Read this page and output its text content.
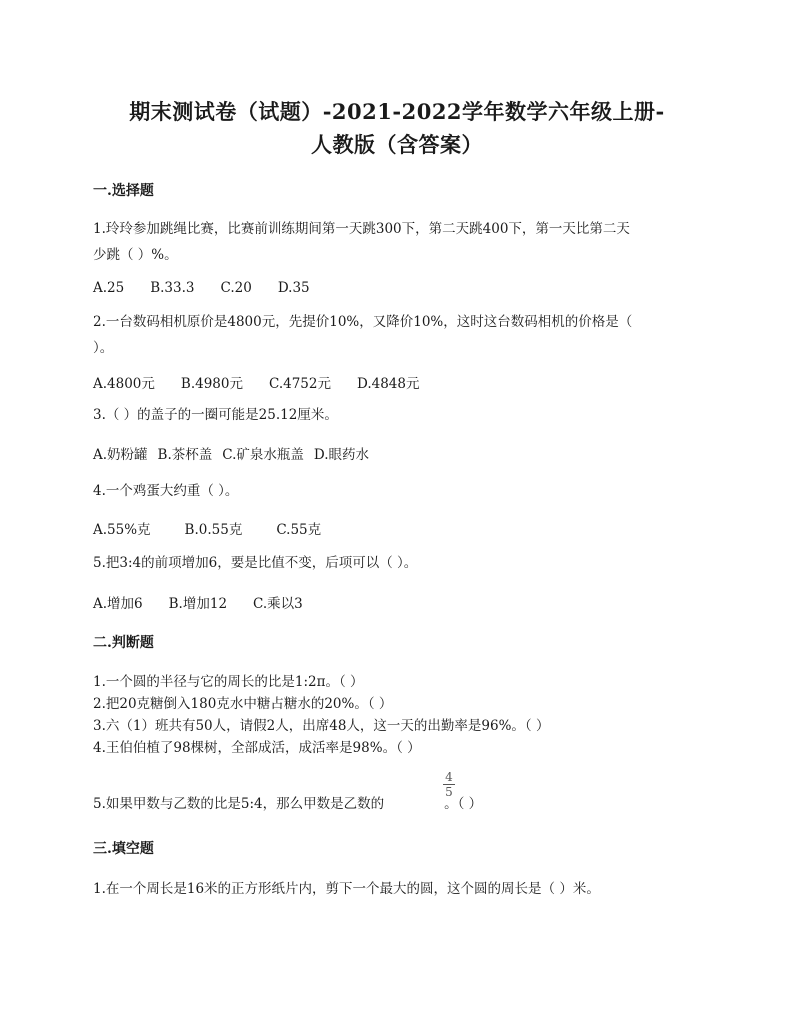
期末测试卷（试题）-2021-2022学年数学六年级上册-
人教版（含答案）
一.选择题
1.玲玲参加跳绳比赛，比赛前训练期间第一天跳300下，第二天跳400下，第一天比第二天
少跳（ ）%。
A.25 B.33.3 C.20 D.35
2.一台数码相机原价是4800元，先提价10%，又降价10%，这时这台数码相机的价格是（
）。
A.4800元 B.4980元 C.4752元 D.4848元
3.（ ）的盖子的一圈可能是25.12厘米。
A.奶粉罐 B.茶杯盖 C.矿泉水瓶盖 D.眼药水
4.一个鸡蛋大约重（ ）。
A.55%克	B.0.55克	C.55克
5.把3:4的前项增加6，要是比值不变，后项可以（ ）。
A.增加6 B.增加12 C.乘以3
二.判断题
1.一个圆的半径与它的周长的比是1:2π。（ ）
2.把20克糖倒入180克水中糖占糖水的20%。（ ）
3.六（1）班共有50人，请假2人，出席48人，这一天的出勤率是96%。（ ）
4.王伯伯植了98棵树，全部成活，成活率是98%。（ ）
5.如果甲数与乙数的比是5:4，那么甲数是乙数的	。（ ）
4
5
三.填空题
1.在一个周长是16米的正方形纸片内，剪下一个最大的圆，这个圆的周长是（ ）米。
